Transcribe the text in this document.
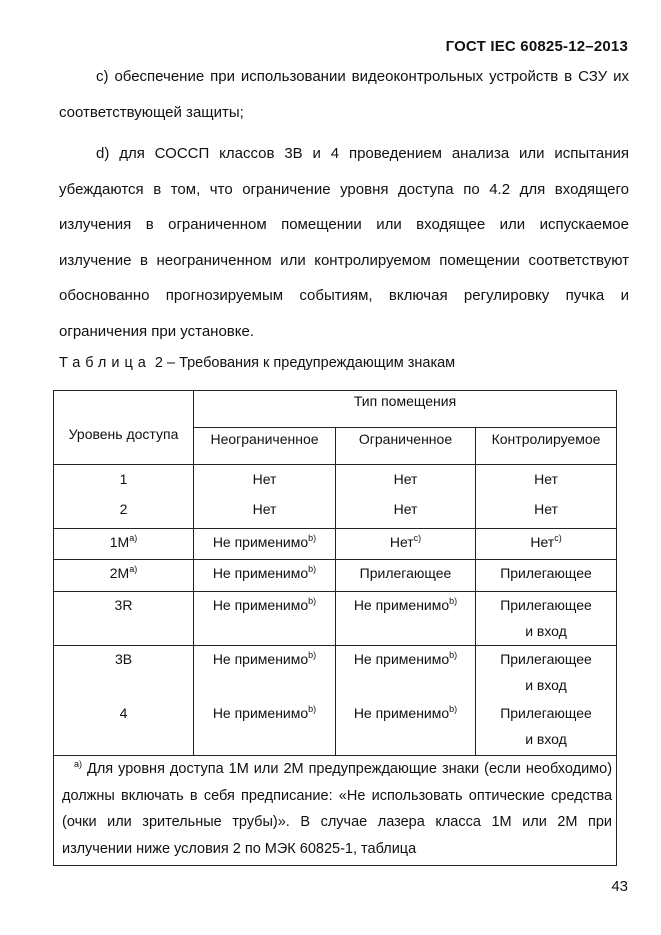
ГОСТ IEC 60825-12–2013
c) обеспечение при использовании видеоконтрольных устройств в СЗУ их соответствующей защиты;
d) для СОССП классов 3В и 4 проведением анализа или испытания убеждаются в том, что ограничение уровня доступа по 4.2 для входящего излучения в ограниченном помещении или входящее или испускаемое излучение в неограниченном или контролируемом помещении соответствуют обоснованно прогнозируемым событиям, включая регулировку пучка и ограничения при установке.
Таблица 2 – Требования к предупреждающим знакам
Уровень доступа	Тип помещения		

	Неограниченное	Ограниченное	Контролируемое

1	Нет	Нет	Нет

2	Нет	Нет	Нет

$1М^{а)}$	Не применимо$^{b)}$	Нет$^{c)}$	Нет$^{c)}$

$2М^{а)}$	Не применимо$^{b)}$	Прилегающее	Прилегающее

3R	Не применимо$^{b)}$	Не применимо$^{b)}$	Прилегающее
и вход

3В	Не применимо$^{b)}$	Не применимо$^{b)}$	Прилегающее
и вход

4	Не применимо$^{b)}$	Не применимо$^{b)}$	Прилегающее
и вход

$^{а)}$ Для уровня доступа 1М или 2М предупреждающие знаки (если необходимо) должны включать в себя предписание: «Не использовать оптические средства (очки или зрительные трубы)». В случае лазера класса 1М или 2М при излучении ниже условия 2 по МЭК 60825-1, таблица			
43
